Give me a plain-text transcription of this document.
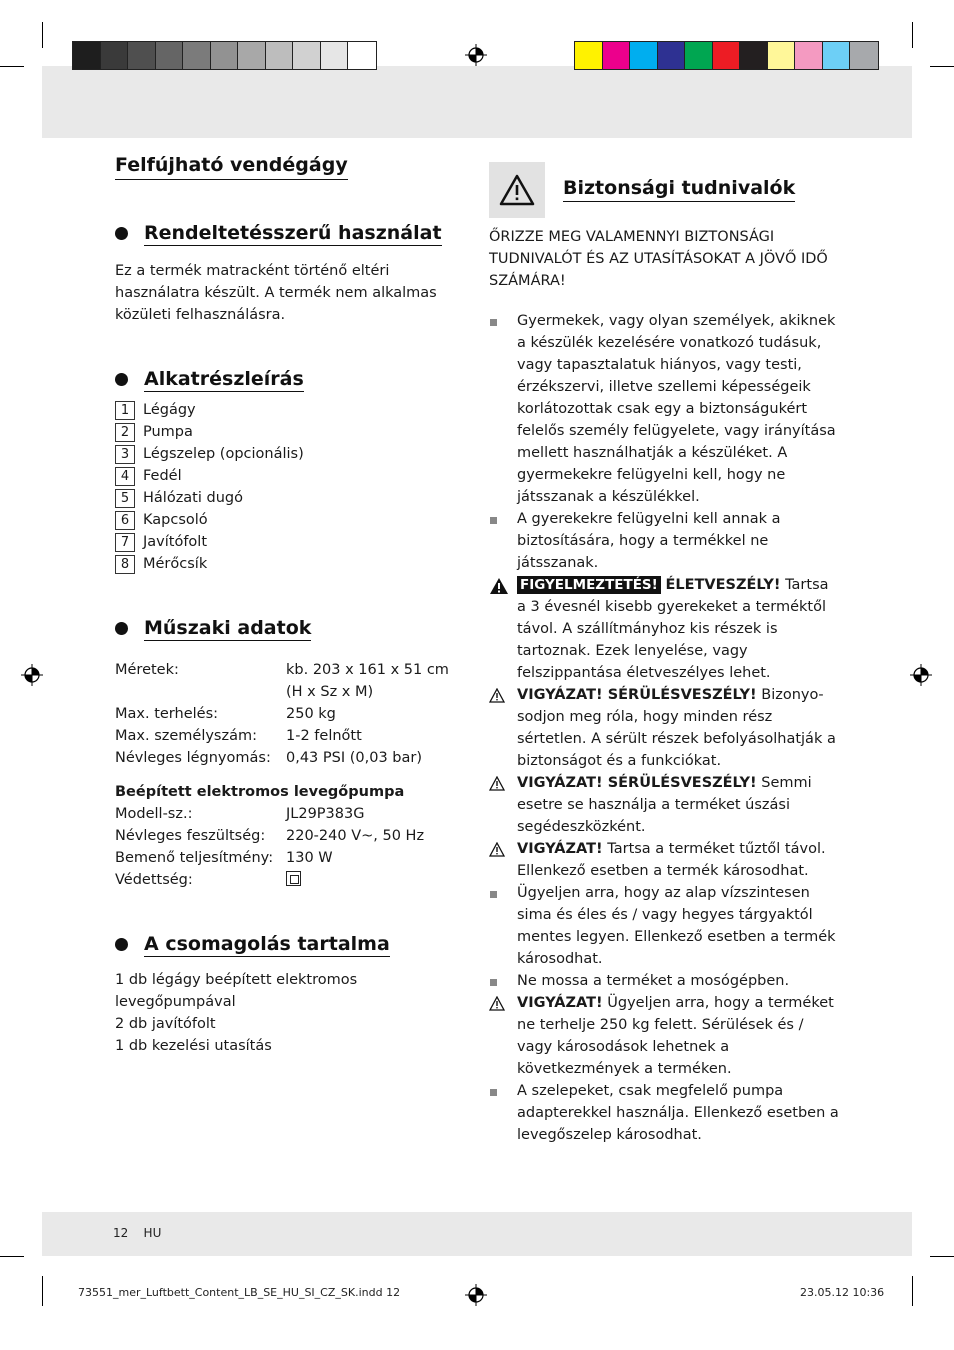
Felfújható vendégágy
Rendeltetésszerű használat

Ez a termék matracként történő eltéri használatra készült. A termék nem alkalmas közületi felhasználásra.

Alkatrészleírás
1 Légágy
2 Pumpa
3 Légszelep (opcionális)
4 Fedél
5 Hálózati dugó
6 Kapcsoló
7 Javítófolt
8 Mérőcsík
Műszaki adatok
Méretek:	kb. 203 x 161 x 51 cm
(H x Sz x M)
Max. terhelés:	250 kg
Max. személyszám:	1-2 felnőtt
Névleges légnyomás:	0,43 PSI (0,03 bar)
Beépített elektromos levegőpumpa
Modell-sz.:	JL29P383G
Névleges feszültség:	220-240 V~, 50 Hz
Bemenő teljesítmény: 130 W
Védettség:
A csomagolás tartalma

1 db légágy beépített elektromos levegőpumpával

2 db javítófolt

1 db kezelési utasítás

Biztonsági tudnivalók

ŐRIZZE MEG VALAMENNYI BIZTONSÁGI TUDNIVALÓT ÉS AZ UTASÍTÁSOKAT A JÖVŐ IDŐ SZÁMÁRA!

Gyermekek, vagy olyan személyek, akiknek a készülék kezelésére vonatkozó tudásuk, vagy tapasztalatuk hiányos, vagy testi, érzékszervi, illetve szellemi képességeik korlátozottak csak egy a biztonságukért felelős személy felügyelete, vagy irányítása mellett használhatják a készüléket. A gyermekekre felügyelni kell, hogy ne játsszanak a készülékkel.
A gyerekekre felügyelni kell annak a biztosítására, hogy a termékkel ne játsszanak.
FIGYELMEZTETÉS! ÉLETVESZÉLY! Tartsa a 3 évesnél kisebb gyerekeket a terméktől távol. A szállítmányhoz kis részek is tartoznak. Ezek lenyelése, vagy felszippantása életveszélyes lehet.
VIGYÁZAT! SÉRÜLÉSVESZÉLY! Bizonyosodjon meg róla, hogy minden rész sértetlen. A sérült részek befolyásolhatják a biztonságot és a funkciókat.
VIGYÁZAT! SÉRÜLÉSVESZÉLY! Semmi esetre se használja a terméket úszási segédeszközként.
VIGYÁZAT! Tartsa a terméket tűztől távol. Ellenkező esetben a termék károsodhat.
Ügyeljen arra, hogy az alap vízszintesen sima és éles és / vagy hegyes tárgyaktól mentes legyen. Ellenkező esetben a termék károsodhat.
Ne mossa a terméket a mosógépben.
VIGYÁZAT! Ügyeljen arra, hogy a terméket ne terhelje 250 kg felett. Sérülések és / vagy károsodások lehetnek a következmények a terméken.
A szelepeket, csak megfelelő pumpa adapterekkel használja. Ellenkező esetben a levegőszelep károsodhat.
12 HU
73551_mer_Luftbett_Content_LB_SE_HU_SI_CZ_SK.indd 12	23.05.12 10:36
